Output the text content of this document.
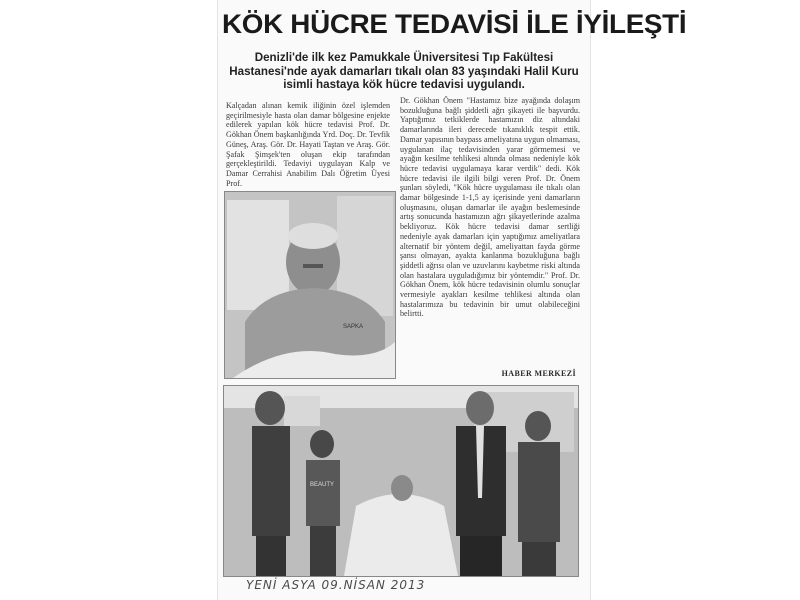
KÖK HÜCRE TEDAVİSİ İLE İYİLEŞTİ
Denizli'de ilk kez Pamukkale Üniversitesi Tıp Fakültesi Hastanesi'nde ayak damarları tıkalı olan 83 yaşındaki Halil Kuru isimli hastaya kök hücre tedavisi uygulandı.
Kalçadan alınan kemik iliğinin özel işlemden geçirilmesiyle hasta olan damar bölgesine enjekte edilerek yapılan kök hücre tedavisi Prof. Dr. Gökhan Önem başkanlığında Yrd. Doç. Dr. Tevfik Güneş, Araş. Gör. Dr. Hayati Taştan ve Araş. Gör. Şafak Şimşek'ten oluşan ekip tarafından gerçekleştirildi. Tedaviyi uygulayan Kalp ve Damar Cerrahisi Anabilim Dalı Öğretim Üyesi Prof.
Dr. Gökhan Önem "Hastamız bize ayağında dolaşım bozukluğuna bağlı şiddetli ağrı şikayeti ile başvurdu. Yaptığımız tetkiklerde hastamızın diz altındaki damarlarında ileri derecede tıkanıklık tespit ettik. Damar yapısının baypass ameliyatına uygun olmaması, uygulanan ilaç tedavisinden yarar görmemesi ve ayağın kesilme tehlikesi altında olması nedeniyle kök hücre tedavisi uygulamaya karar verdik" dedi. Kök hücre tedavisi ile ilgili bilgi veren Prof. Dr. Önem şunları söyledi, "Kök hücre uygulaması ile tıkalı olan damar bölgesinde 1-1,5 ay içerisinde yeni damarların oluşmasını, oluşan damarlar ile ayağın beslemesinde artış sonucunda hastamızın ağrı şikayetlerinde azalma bekliyoruz. Kök hücre tedavisi damar sertliği nedeniyle ayak damarları için yaptığımız ameliyatlara alternatif bir yöntem değil, ameliyattan fayda görme şansı olmayan, ayakta kanlanma bozukluğuna bağlı şiddetli ağrısı olan ve uzuvlarını kaybetme riski altında olan hastalara uyguladığımız bir yöntemdir." Prof. Dr. Gökhan Önem, kök hücre tedavisinin olumlu sonuçlar vermesiyle ayakları kesilme tehlikesi altında olan hastalarımıza bu tedavinin bir umut olabileceğini belirtti.
HABER MERKEZİ
SAPKA
BEAUTY
YENİ ASYA 09.NİSAN 2013
